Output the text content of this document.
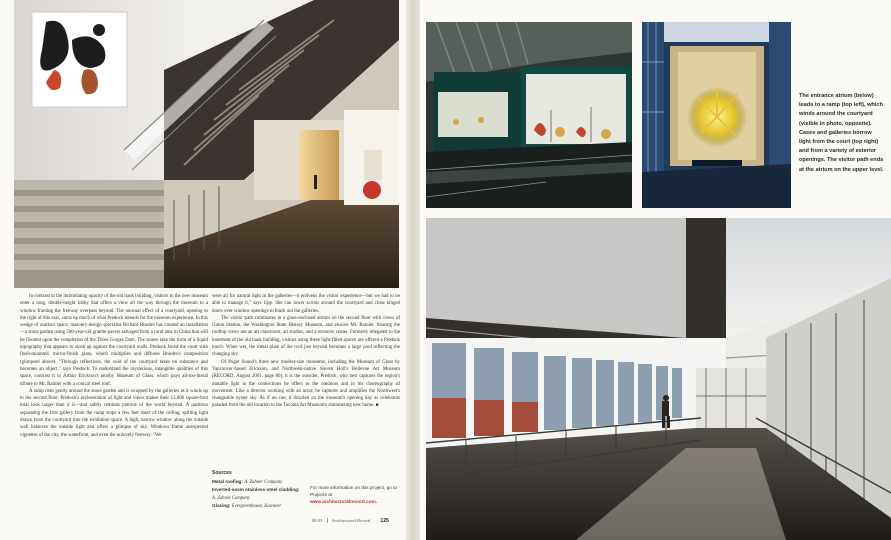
In contrast to the intimidating opacity of the old bank building, visitors to the new museum enter a long, double-height lobby that offers a view all the way through the museum to a window framing the freeway overpass beyond. The unusual effect of a courtyard, opening to the right of this axis, sums up much of what Predock intends for the museum experience. In this wedge of outdoor space, masonry-design specialist Richard Rhodes has created an installation—a stone garden using 500-year-old granite pavers salvaged from a rural area in China that will be flooded upon the completion of the Three Gorges Dam. The stones take the form of a liquid topography that appears to slosh up against the courtyard walls. Predock faced the court with flush-mounted, mirror-finish glass, which multiplies and diffuses Rhodes's composition (glimpsed above). "Through reflections, the void of the courtyard takes on substance and becomes an object," says Predock. To understand the mysterious, intangible qualities of this space, contrast it to Arthur Erickson's nearby Museum of Glass, which pays all-too-literal tribute to Mt. Rainier with a conical steel roof.

A ramp rises gently around the stone garden and is wrapped by the galleries as it winds up to the second floor. Predock's orchestration of light and views makes their 12,000 square-foot total look larger than it is—and subtly reminds patrons of the world beyond. A partition separating the first gallery from the ramp stops a few feet short of the ceiling, spilling light drawn from the courtyard into the exhibition space. A high, narrow window along the outside wall balances the outside light and offers a glimpse of sky. Windows frame unexpected vignettes of the city, the waterfront, and even the unlovely freeway. "We

were all for natural light in the galleries—it enlivens the visitor experience—but we had to be able to manage it," says Upp. She can lower scrims around the courtyard and close hinged doors over window openings to black out the galleries.

The visitor path culminates in a glass-enclosed atrium on the second floor with views of Union Station, the Washington State History Museum, and elusive Mt. Rainier. Sharing the rooftop views are an art classroom, art studios, and a resource center. Formerly relegated to the basement of the old bank building, visitors using these light-filled spaces are offered a Predock touch: When wet, the metal plate of the roof just beyond becomes a large pool reflecting the changing sky.

Of Puget Sound's three new modest-size museums, including the Museum of Glass by Vancouver-based Erickson, and Northwest-native Steven Holl's Bellevue Art Museum [RECORD, August 2001, page 80], it is the outsider, Predock, who best captures the region's mutable light in the connections he offers to the outdoors and in his choreography of movement. Like a director working with an actor, he captures and amplifies the Northwest's changeable oyster sky. As if on cue, it drizzled on the museum's opening day as celebrants paraded from the old location to the Tacoma Art Museum's shimmering new home. ■

Sources
Metal roofing: A. Zahner Company
Inverted-seam stainless-steel cladding: A. Zahner Company
Glazing: Evergreenhouse, Kawneer
For more information on this project, go to Projects at
www.architecturalrecord.com.
08.03 Architectural Record 125
The entrance atrium (below) leads to a ramp (top left), which winds around the courtyard (visible in photo, opposite). Cases and galleries borrow light from the court (top right) and from a variety of exterior openings. The visitor path ends at the atrium on the upper level.
